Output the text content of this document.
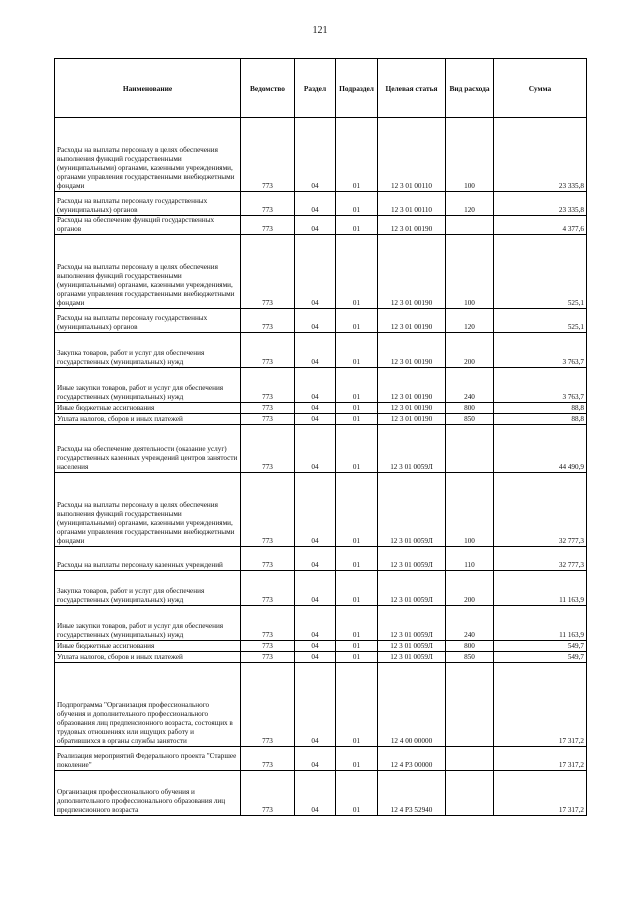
121
Наименование	Ведомство	Раздел	Подраздел	Целевая статья	Вид расхода	Сумма
Расходы на выплаты персоналу в целях обеспечения выполнения функций государственными (муниципальными) органами, казенными учреждениями, органами управления государственными внебюджетными фондами	773	04	01	12 3 01 00110	100	23 335,8
Расходы на выплаты персоналу государственных (муниципальных) органов	773	04	01	12 3 01 00110	120	23 335,8
Расходы на обеспечение функций государственных органов	773	04	01	12 3 01 00190		4 377,6
Расходы на выплаты персоналу в целях обеспечения выполнения функций государственными (муниципальными) органами, казенными учреждениями, органами управления государственными внебюджетными фондами	773	04	01	12 3 01 00190	100	525,1
Расходы на выплаты персоналу государственных (муниципальных) органов	773	04	01	12 3 01 00190	120	525,1
Закупка товаров, работ и услуг для обеспечения государственных (муниципальных) нужд	773	04	01	12 3 01 00190	200	3 763,7
Иные закупки товаров, работ и услуг для обеспечения государственных (муниципальных) нужд	773	04	01	12 3 01 00190	240	3 763,7
Иные бюджетные ассигнования	773	04	01	12 3 01 00190	800	88,8
Уплата налогов, сборов и иных платежей	773	04	01	12 3 01 00190	850	88,8
Расходы на обеспечение деятельности (оказание услуг) государственных казенных учреждений центров занятости населения	773	04	01	12 3 01 0059Л		44 490,9
Расходы на выплаты персоналу в целях обеспечения выполнения функций государственными (муниципальными) органами, казенными учреждениями, органами управления государственными внебюджетными фондами	773	04	01	12 3 01 0059Л	100	32 777,3
Расходы на выплаты персоналу казенных учреждений	773	04	01	12 3 01 0059Л	110	32 777,3
Закупка товаров, работ и услуг для обеспечения государственных (муниципальных) нужд	773	04	01	12 3 01 0059Л	200	11 163,9
Иные закупки товаров, работ и услуг для обеспечения государственных (муниципальных) нужд	773	04	01	12 3 01 0059Л	240	11 163,9
Иные бюджетные ассигнования	773	04	01	12 3 01 0059Л	800	549,7
Уплата налогов, сборов и иных платежей	773	04	01	12 3 01 0059Л	850	549,7
Подпрограмма "Организация профессионального обучения и дополнительного профессионального образования лиц предпенсионного возраста, состоящих в трудовых отношениях или ищущих работу и обратившихся в органы службы занятости	773	04	01	12 4 00 00000		17 317,2
Реализация мероприятий Федерального проекта "Старшее поколение"	773	04	01	12 4 P3 00000		17 317,2
Организация профессионального обучения и дополнительного профессионального образования лиц предпенсионного возраста	773	04	01	12 4 P3 52940		17 317,2
